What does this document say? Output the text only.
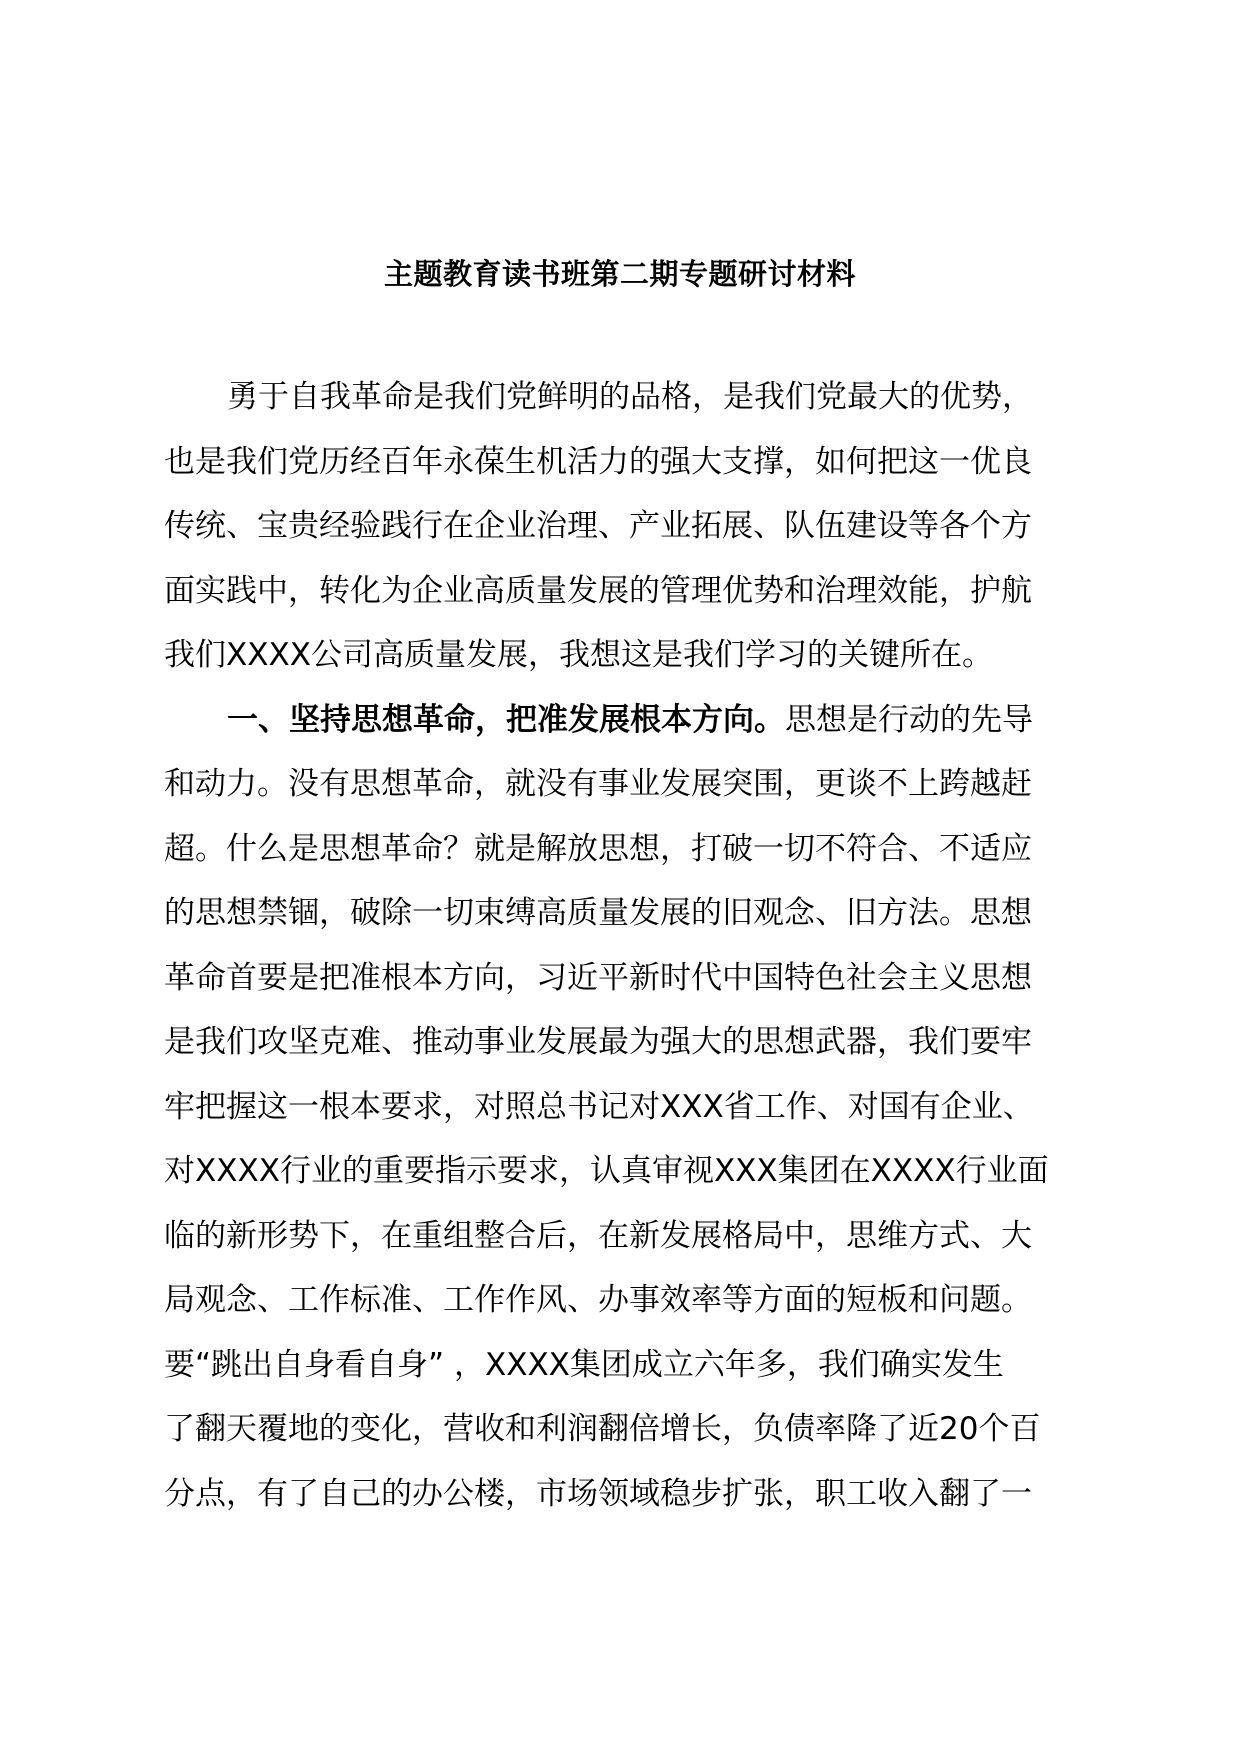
主题教育读书班第二期专题研讨材料
勇于自我革命是我们党鲜明的品格，是我们党最大的优势，
也是我们党历经百年永葆生机活力的强大支撑，如何把这一优良
传统、宝贵经验践行在企业治理、产业拓展、队伍建设等各个方
面实践中，转化为企业高质量发展的管理优势和治理效能，护航
我们XXXX公司高质量发展，我想这是我们学习的关键所在。
一、坚持思想革命，把准发展根本方向。思想是行动的先导
和动力。没有思想革命，就没有事业发展突围，更谈不上跨越赶
超。什么是思想革命？就是解放思想，打破一切不符合、不适应
的思想禁锢，破除一切束缚高质量发展的旧观念、旧方法。思想
革命首要是把准根本方向，习近平新时代中国特色社会主义思想
是我们攻坚克难、推动事业发展最为强大的思想武器，我们要牢
牢把握这一根本要求，对照总书记对XXX省工作、对国有企业、
对XXXX行业的重要指示要求，认真审视XXX集团在XXXX行业面
临的新形势下，在重组整合后，在新发展格局中，思维方式、大
局观念、工作标准、工作作风、办事效率等方面的短板和问题。
要“跳出自身看自身” ，XXXX集团成立六年多，我们确实发生
了翻天覆地的变化，营收和利润翻倍增长，负债率降了近20个百
分点，有了自己的办公楼，市场领域稳步扩张，职工收入翻了一
